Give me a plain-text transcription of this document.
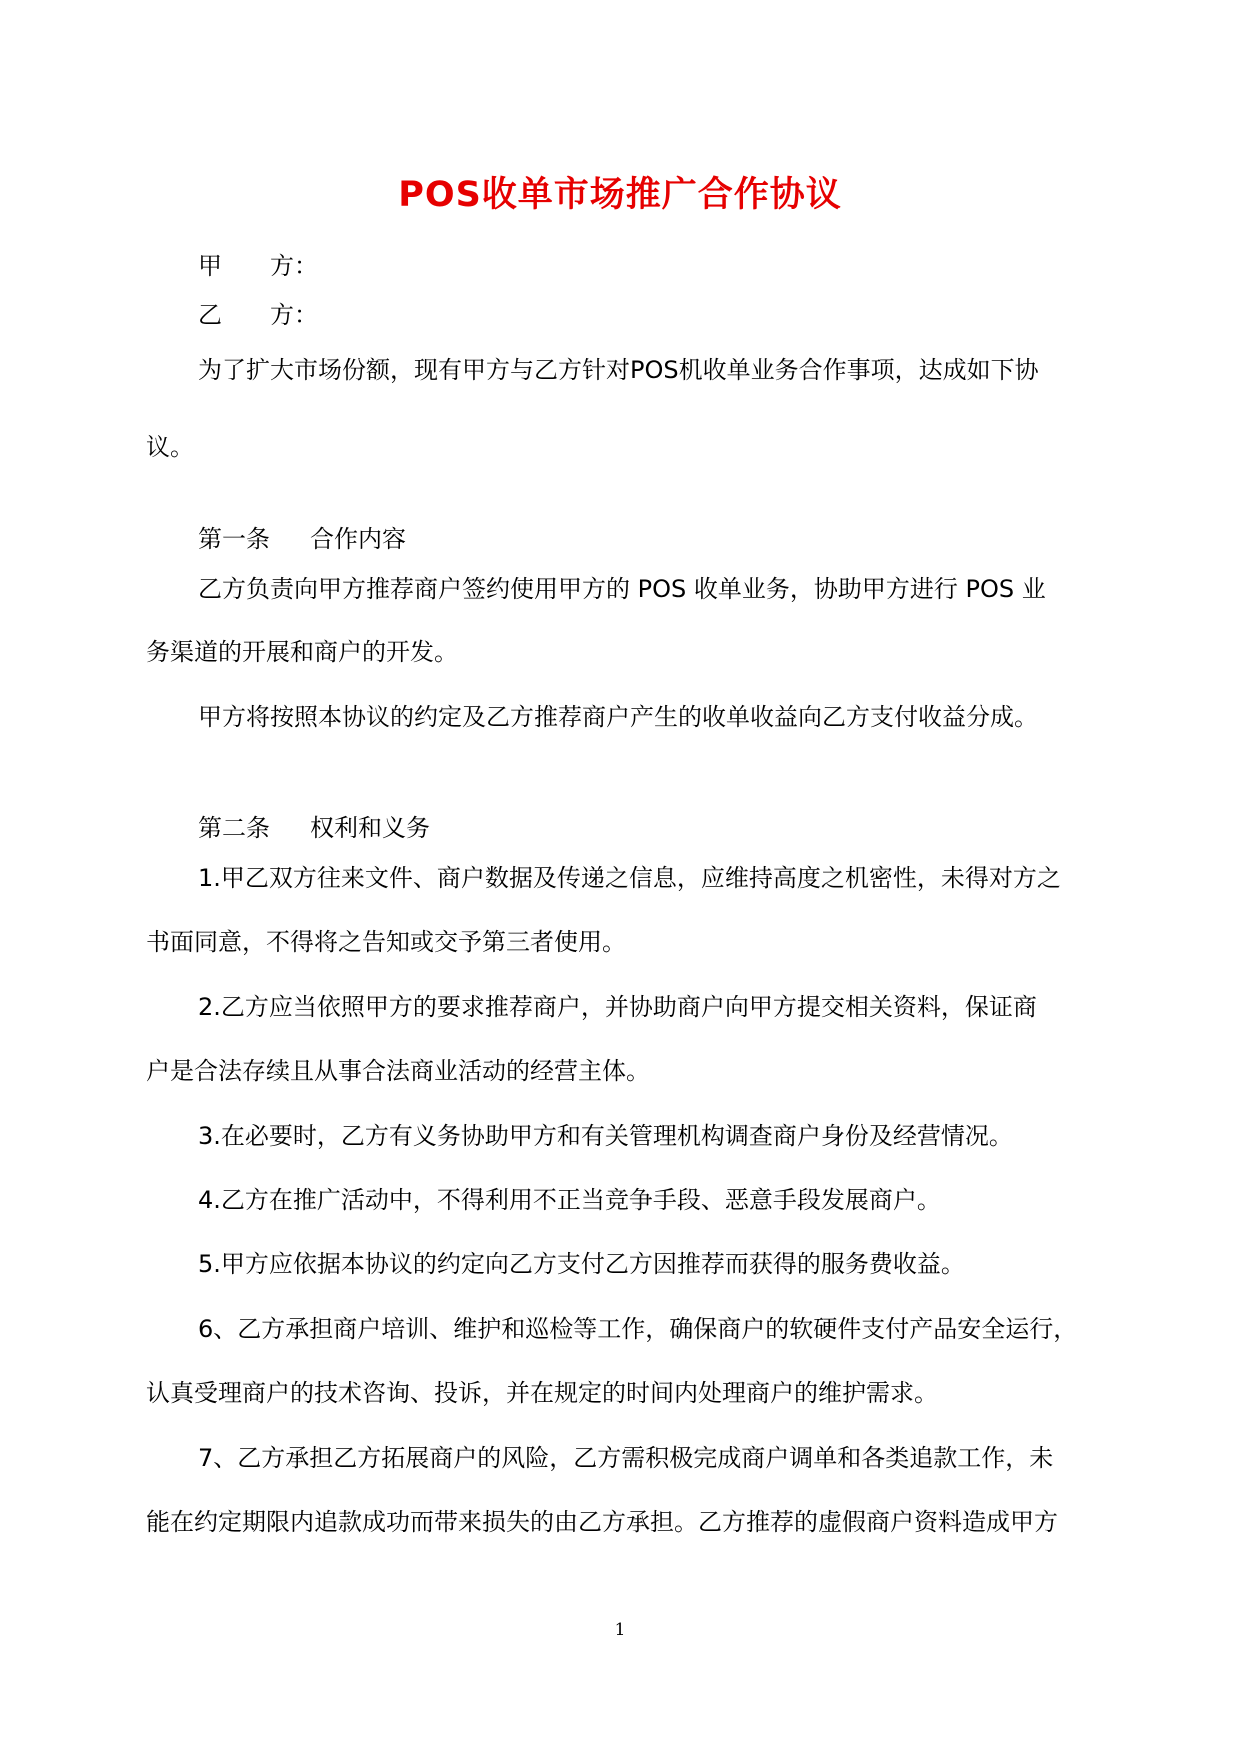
POS收单市场推广合作协议
甲 方：
乙 方：
为了扩大市场份额，现有甲方与乙方针对POS机收单业务合作事项，达成如下协
议。
第一条 合作内容
乙方负责向甲方推荐商户签约使用甲方的 POS 收单业务，协助甲方进行 POS 业
务渠道的开展和商户的开发。
甲方将按照本协议的约定及乙方推荐商户产生的收单收益向乙方支付收益分成。
第二条 权利和义务
1.甲乙双方往来文件、商户数据及传递之信息，应维持高度之机密性，未得对方之
书面同意，不得将之告知或交予第三者使用。
2.乙方应当依照甲方的要求推荐商户，并协助商户向甲方提交相关资料，保证商
户是合法存续且从事合法商业活动的经营主体。
3.在必要时，乙方有义务协助甲方和有关管理机构调查商户身份及经营情况。
4.乙方在推广活动中，不得利用不正当竞争手段、恶意手段发展商户。
5.甲方应依据本协议的约定向乙方支付乙方因推荐而获得的服务费收益。
6、乙方承担商户培训、维护和巡检等工作，确保商户的软硬件支付产品安全运行，
认真受理商户的技术咨询、投诉，并在规定的时间内处理商户的维护需求。
7、乙方承担乙方拓展商户的风险，乙方需积极完成商户调单和各类追款工作，未
能在约定期限内追款成功而带来损失的由乙方承担。乙方推荐的虚假商户资料造成甲方
1
